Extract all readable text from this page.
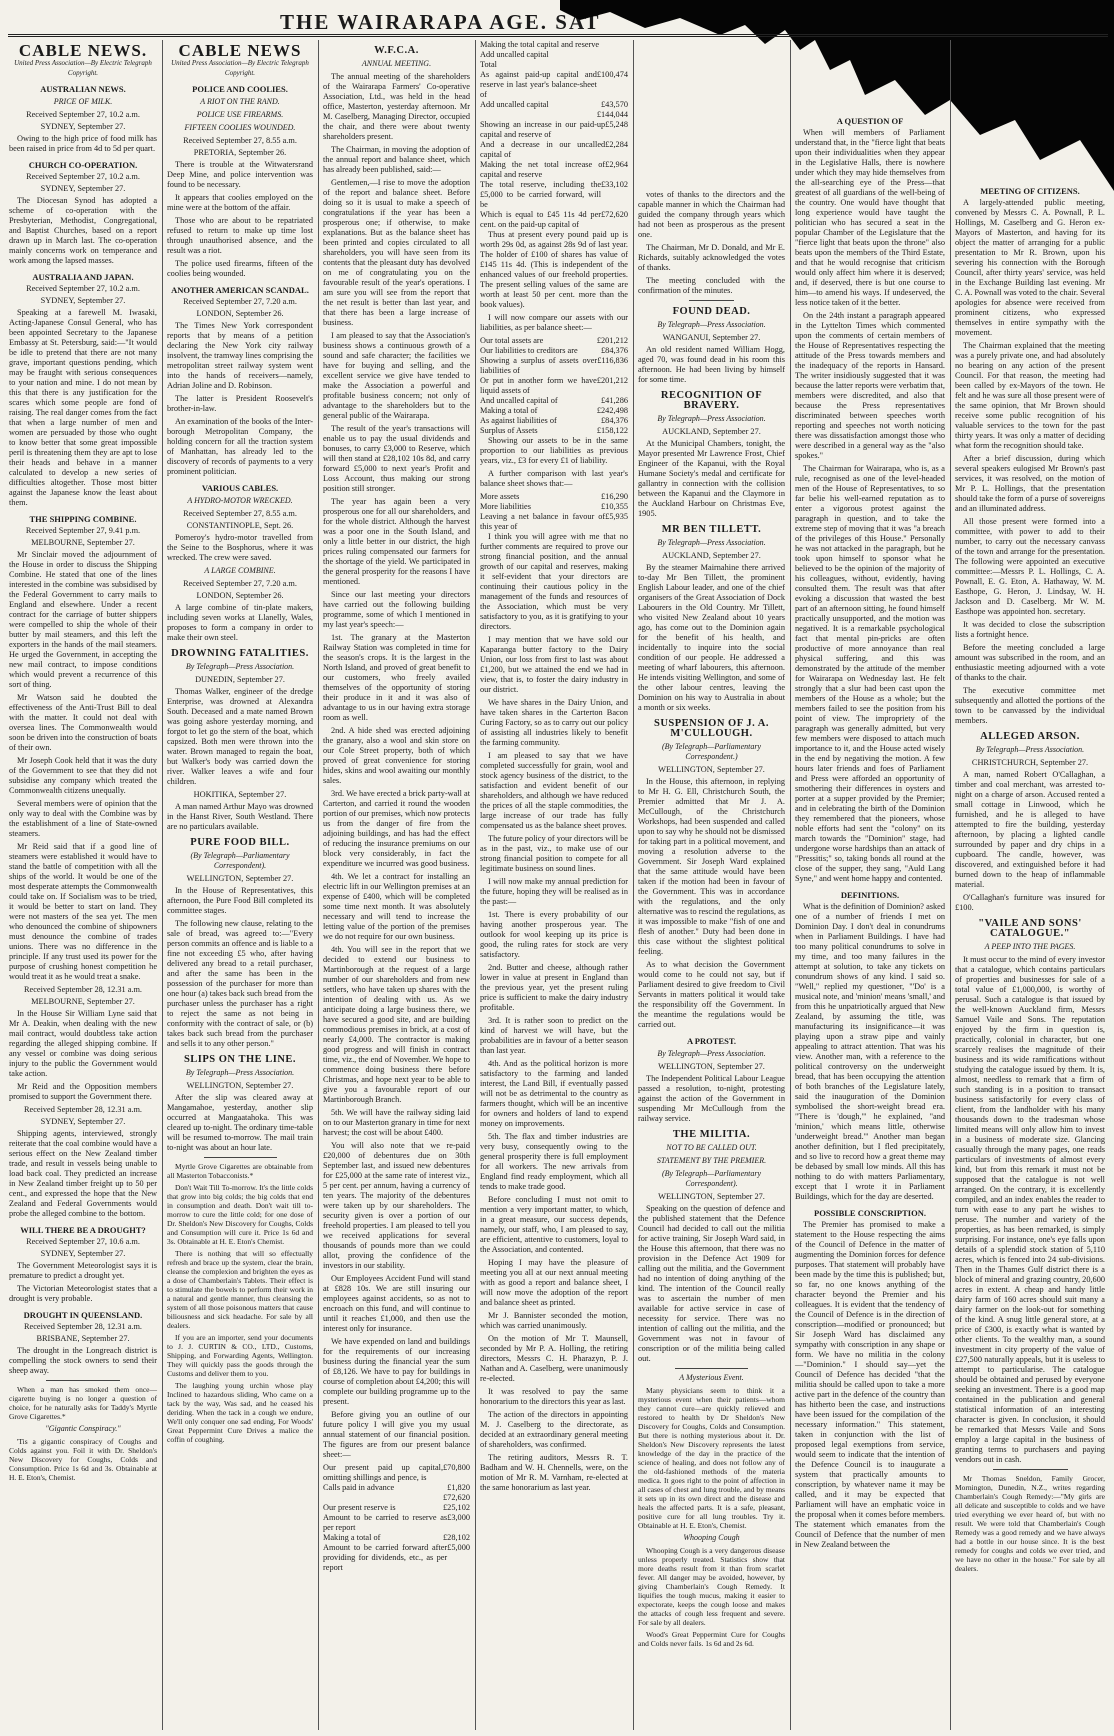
THE WAIRARAPA AGE. SAT
CABLE NEWS.
United Press Association—By Electric Telegraph Copyright.
AUSTRALIAN NEWS.
PRICE OF MILK.
Received September 27, 10.2 a.m.
SYDNEY, September 27.

Owing to the high price of food milk has been raised in price from 4d to 5d per quart.

CHURCH CO-OPERATION.
Received September 27, 10.2 a.m.
SYDNEY, September 27.

The Diocesan Synod has adopted a scheme of co-operation with the Presbyterian, Methodist, Congregational, and Baptist Churches, based on a report drawn up in March last. The co-operation mainly concerns work on temperance and work among the lapsed masses.

AUSTRALIA AND JAPAN.
Received September 27, 10.2 a.m.
SYDNEY, September 27.

Speaking at a farewell M. Iwasaki, Acting-Japanese Consul General, who has been appointed Secretary to the Japanese Embassy at St. Petersburg, said:—"It would be idle to pretend that there are not many grave, important questions pending, which may be fraught with serious consequences to your nation and mine. I do not mean by this that there is any justification for the scares which some people are fond of raising. The real danger comes from the fact that when a large number of men and women are persuaded by those who ought to know better that some great impossible peril is threatening them they are apt to lose their heads and behave in a manner calculated to develop a new series of difficulties altogether. Those most bitter against the Japanese know the least about them.

THE SHIPPING COMBINE.
Received September 27, 9.41 p.m.
MELBOURNE, September 27.

Mr Sinclair moved the adjournment of the House in order to discuss the Shipping Combine. He stated that one of the lines interested in the combine was subsidised by the Federal Government to carry mails to England and elsewhere. Under a recent contract for the carriage of butter shippers were compelled to ship the whole of their butter by mail steamers, and this left the exporters in the hands of the mail steamers. He urged the Government, in accepting the new mail contract, to impose conditions which would prevent a recurrence of this sort of thing.

Mr Watson said he doubted the effectiveness of the Anti-Trust Bill to deal with the matter. It could not deal with oversea lines. The Commonwealth would soon be driven into the construction of boats of their own.

Mr Joseph Cook held that it was the duty of the Government to see that they did not subsidise any company which treated the Commonwealth citizens unequally.

Several members were of opinion that the only way to deal with the Combine was by the establishment of a line of State-owned steamers.

Mr Reid said that if a good line of steamers were established it would have to stand the battle of competition with all the ships of the world. It would be one of the most desperate attempts the Commonwealth could take on. If Socialism was to be tried, it would be better to start on land. They were not masters of the sea yet. The men who denounced the combine of shipowners must denounce the combine of trades unions. There was no difference in the principle. If any trust used its power for the purpose of crushing honest competition he would treat it as he would treat a snake.

Received September 28, 12.31 a.m.
MELBOURNE, September 27.

In the House Sir William Lyne said that Mr A. Deakin, when dealing with the new mail contract, would doubtless take action regarding the alleged shipping combine. If any vessel or combine was doing serious injury to the public the Government would take action.

Mr Reid and the Opposition members promised to support the Government there.

Received September 28, 12.31 a.m.
SYDNEY, September 27.

Shipping agents, interviewed, strongly reiterate that the coal combine would have a serious effect on the New Zealand timber trade, and result in vessels being unable to load back coal. They predicted an increase in New Zealand timber freight up to 50 per cent., and expressed the hope that the New Zealand and Federal Governments would probe the alleged combine to the bottom.

WILL THERE BE A DROUGHT?
Received September 27, 10.6 a.m.
SYDNEY, September 27.

The Government Meteorologist says it is premature to predict a drought yet.

The Victorian Meteorologist states that a drought is very probable.

DROUGHT IN QUEENSLAND.
Received September 28, 12.31 a.m.
BRISBANE, September 27.

The drought in the Longreach district is compelling the stock owners to send their sheep away.

When a man has smoked them once—cigarette buying is no longer a question of choice, for he naturally asks for Taddy's Myrtle Grove Cigarettes.*

"Gigantic Conspiracy."

'Tis a gigantic conspiracy of Coughs and Colds against you. Foil it with Dr. Sheldon's New Discovery for Coughs, Colds and Consumption. Price 1s 6d and 3s. Obtainable at H. E. Eton's, Chemist.

CABLE NEWS
United Press Association—By Electric Telegraph Copyright.
POLICE AND COOLIES.
A RIOT ON THE RAND.
POLICE USE FIREARMS.
FIFTEEN COOLIES WOUNDED.
Received September 27, 8.55 a.m.
PRETORIA, September 26.

There is trouble at the Witwatersrand Deep Mine, and police intervention was found to be necessary.

It appears that coolies employed on the mine were at the bottom of the affair.

Those who are about to be repatriated refused to return to make up time lost through unauthorised absence, and the result was a riot.

The police used firearms, fifteen of the coolies being wounded.

ANOTHER AMERICAN SCANDAL.
Received September 27, 7.20 a.m.
LONDON, September 26.

The Times New York correspondent reports that by means of a petition declaring the New York city railway insolvent, the tramway lines comprising the metropolitan street railway system went into the hands of receivers—namely, Adrian Joline and D. Robinson.

The latter is President Roosevelt's brother-in-law.

An examination of the books of the Inter-borough Metropolitan Company, the holding concern for all the traction system of Manhattan, has already led to the discovery of records of payments to a very prominent politician.

VARIOUS CABLES.
A HYDRO-MOTOR WRECKED.
Received September 27, 8.55 a.m.
CONSTANTINOPLE, Sept. 26.

Pomeroy's hydro-motor travelled from the Seine to the Bosphorus, where it was wrecked. The crew were saved.

A LARGE COMBINE.
Received September 27, 7.20 a.m.
LONDON, September 26.

A large combine of tin-plate makers, including seven works at Llanelly, Wales, proposes to form a company in order to make their own steel.

DROWNING FATALITIES.
By Telegraph—Press Association.
DUNEDIN, September 27.

Thomas Walker, engineer of the dredge Enterprise, was drowned at Alexandra South. Deceased and a mate named Brown was going ashore yesterday morning, and forgot to let go the stern of the boat, which capsized. Both men were thrown into the water. Brown managed to regain the boat, but Walker's body was carried down the river. Walker leaves a wife and four children.

HOKITIKA, September 27.

A man named Arthur Mayo was drowned in the Hanst River, South Westland. There are no particulars available.

PURE FOOD BILL.
(By Telegraph—Parliamentary Correspondent).
WELLINGTON, September 27.

In the House of Representatives, this afternoon, the Pure Food Bill completed its committee stages.

The following new clause, relating to the sale of bread, was agreed to:—"Every person commits an offence and is liable to a fine not exceeding £5 who, after having delivered any bread to a retail purchaser, and after the same has been in the possession of the purchaser for more than one hour (a) takes back such bread from the purchaser unless the purchaser has a right to reject the same as not being in conformity with the contract of sale, or (b) takes back such bread from the purchaser and sells it to any other person."

SLIPS ON THE LINE.
By Telegraph—Press Association.
WELLINGTON, September 27.

After the slip was cleared away at Mangamahoe, yesterday, another slip occurred at Mangaatahoka. This was cleared up to-night. The ordinary time-table will be resumed to-morrow. The mail train to-night was about an hour late.

Myrtle Grove Cigarettes are obtainable from all Masterton Tobacconists.*

Don't Wait Till To-morrow. It's the little colds that grow into big colds; the big colds that end in consumption and death. Don't wait till to-morrow to cure the little cold; for one dose of Dr. Sheldon's New Discovery for Coughs, Colds and Consumption will cure it. Price 1s 6d and 3s. Obtainable at H. E. Eton's Chemist.

There is nothing that will so effectually refresh and brace up the system, clear the brain, cleanse the complexion and brighten the eyes as a dose of Chamberlain's Tablets. Their effect is to stimulate the bowels to perform their work in a natural and gentle manner, thus cleansing the system of all those poisonous matters that cause biliousness and sick headache. For sale by all dealers.

If you are an importer, send your documents to J. J. CURTIN & CO., LTD., Customs, Shipping, and Forwarding Agents, Wellington. They will quickly pass the goods through the Customs and deliver them to you.

The laughing young urchin whose play Inclined to hazardous sliding, Who came on a tack by the way, Was sad, and he ceased his deriding. When the tack in a cough we endure, We'll only conquer one sad ending, For Woods' Great Peppermint Cure Drives a malice the coffin of coughing.

W.F.C.A.
ANNUAL MEETING.

The annual meeting of the shareholders of the Wairarapa Farmers' Co-operative Association, Ltd., was held in the head office, Masterton, yesterday afternoon. Mr M. Caselberg, Managing Director, occupied the chair, and there were about twenty shareholders present.

The Chairman, in moving the adoption of the annual report and balance sheet, which has already been published, said:—

Gentlemen,—I rise to move the adoption of the report and balance sheet. Before doing so it is usual to make a speech of congratulations if the year has been a prosperous one; if otherwise, to make explanations. But as the balance sheet has been printed and copies circulated to all shareholders, you will have seen from its contents that the pleasant duty has devolved on me of congratulating you on the favourable result of the year's operations. I am sure you will see from the report that the net result is better than last year, and that there has been a large increase of business.

I am pleased to say that the Association's business shows a continuous growth of a sound and safe character; the facilities we have for buying and selling, and the excellent service we give have tended to make the Association a powerful and profitable business concern; not only of advantage to the shareholders but to the general public of the Wairarapa.

The result of the year's transactions will enable us to pay the usual dividends and bonuses, to carry £3,000 to Reserve, which will then stand at £28,102 10s 8d, and carry forward £5,000 to next year's Profit and Loss Account, thus making our strong position still stronger.

The year has again been a very prosperous one for all our shareholders, and for the whole district. Although the harvest was a poor one in the South Island, and only a little better in our district, the high prices ruling compensated our farmers for the shortage of the yield. We participated in the general prosperity for the reasons I have mentioned.

Since our last meeting your directors have carried out the following building programme, some of which I mentioned in my last year's speech:—

1st. The granary at the Masterton Railway Station was completed in time for the season's crops. It is the largest in the North Island, and proved of great benefit to our customers, who freely availed themselves of the opportunity of storing their produce in it and it was also of advantage to us in our having extra storage room as well.

2nd. A hide shed was erected adjoining the granary, also a wool and skin store on our Cole Street property, both of which proved of great convenience for storing hides, skins and wool awaiting our monthly sales.

3rd. We have erected a brick party-wall at Carterton, and carried it round the wooden portion of our premises, which now protects us from the danger of fire from the adjoining buildings, and has had the effect of reducing the insurance premiums on our block very considerably, in fact the expenditure we incurred was good business.

4th. We let a contract for installing an electric lift in our Wellington premises at an expense of £400, which will be completed some time next month. It was absolutely necessary and will tend to increase the letting value of the portion of the premises we do not require for our own business.

4th. You will see in the report that we decided to extend our business to Martinborough at the request of a large number of our shareholders and from new settlers, who have taken up shares with the intention of dealing with us. As we anticipate doing a large business there, we have secured a good site, and are building commodious premises in brick, at a cost of nearly £4,000. The contractor is making good progress and will finish in contract time, viz., the end of November. We hope to commence doing business there before Christmas, and hope next year to be able to give you a favourable report of our Martinborough Branch.

5th. We will have the railway siding laid on to our Masterton granary in time for next harvest; the cost will be about £400.

You will also note that we re-paid £20,000 of debentures due on 30th September last, and issued new debentures for £25,000 at the same rate of interest viz., 5 per cent. per annum, having a currency of ten years. The majority of the debentures were taken up by our shareholders. The security given is over a portion of our freehold properties. I am pleased to tell you we received applications for several thousands of pounds more than we could allot, proving the confidence of the investors in our stability.

Our Employees Accident Fund will stand at £828 10s. We are still insuring our employees against accidents, so as not to encroach on this fund, and will continue to until it reaches £1,000, and then use the interest only for insurance.

We have expended on land and buildings for the requirements of our increasing business during the financial year the sum of £8,126. We have to pay for buildings in course of completion about £4,200; this will complete our building programme up to the present.

Before giving you an outline of our future policy I will give you my usual annual statement of our financial position. The figures are from our present balance sheet:—

Our present paid up capital, omitting shillings and pence, is
£70,800
Calls paid in advance	£1,820
£72,620
Our present reserve is	£25,102
Amount to be carried to reserve as per report
£3,000
Making a total of	£28,102
Amount to be carried forward after providing for dividends, etc., as per report
£5,000
Making the total capital and reserve
Add uncalled capital
Total
As against paid-up capital and reserve in last year's balance-sheet of
£100,474
Add uncalled capital	£43,570
£144,044
Showing an increase in our paid-up capital and reserve of
£5,248
And a decrease in our uncalled capital of
£2,284
Making the net total increase of capital and reserve
£2,964
The total reserve, including the £5,000 to be carried forward, will be
£33,102
Which is equal to £45 11s 4d per cent. on the paid-up capital of
£72,620

Thus at present every pound paid up is worth 29s 0d, as against 28s 9d of last year. The holder of £100 of shares has value of £145 11s 4d. (This is independent of the enhanced values of our freehold properties. The present selling values of the same are worth at least 50 per cent. more than the book values).

I will now compare our assets with our liabilities, as per balance sheet:—

Our total assets are	£201,212
Our liabilities to creditors are	£84,376
Showing a surplus of assets over liabilities of
£116,836
Or put in another form we have liquid assets of
£201,212
And uncalled capital of	£41,286
Making a total of	£242,498
As against liabilities of	£84,376
Surplus of Assets	£158,122

Showing our assets to be in the same proportion to our liabilities as previous years, viz., £3 for every £1 of liability.

A further comparison with last year's balance sheet shows that:—

More assets	£16,290
More liabilities	£10,355
Leaving a net balance in favour of this year of
£5,935

I think you will agree with me that no further comments are required to prove our strong financial position, and the annual growth of our capital and reserves, making it self-evident that your directors are continuing their cautious policy in the management of the funds and resources of the Association, which must be very satisfactory to you, as it is gratifying to your directors.

I may mention that we have sold our Kaparanga butter factory to the Dairy Union, our loss from first to last was about £1,200, but we attained the end we had in view, that is, to foster the dairy industry in our district.

We have shares in the Dairy Union, and have taken shares in the Carterton Bacon Curing Factory, so as to carry out our policy of assisting all industries likely to benefit the farming community.

I am pleased to say that we have completed successfully for grain, wool and stock agency business of the district, to the satisfaction and evident benefit of our shareholders, and although we have reduced the prices of all the staple commodities, the large increase of our trade has fully compensated us as the balance sheet proves.

The future policy of your directors will be as in the past, viz., to make use of our strong financial position to compete for all legitimate business on sound lines.

I will now make my annual prediction for the future, hoping they will be realised as in the past:—

1st. There is every probability of our having another prosperous year. The outlook for wool keeping up its price is good, the ruling rates for stock are very satisfactory.

2nd. Butter and cheese, although rather lower in value at present in England than the previous year, yet the present ruling price is sufficient to make the dairy industry profitable.

3rd. It is rather soon to predict on the kind of harvest we will have, but the probabilities are in favour of a better season than last year.

4th. And as the political horizon is more satisfactory to the farming and landed interest, the Land Bill, if eventually passed will not be as detrimental to the country as farmers thought, which will be an incentive for owners and holders of land to expend money on improvements.

5th. The flax and timber industries are very busy, consequently owing to the general prosperity there is full employment for all workers. The new arrivals from England find ready employment, which all tends to make trade good.

Before concluding I must not omit to mention a very important matter, to which, in a great measure, our success depends, namely, our staff, who, I am pleased to say, are efficient, attentive to customers, loyal to the Association, and contented.

Hoping I may have the pleasure of meeting you all at our next annual meeting with as good a report and balance sheet, I will now move the adoption of the report and balance sheet as printed.

Mr J. Bannister seconded the motion, which was carried unanimously.

On the motion of Mr T. Maunsell, seconded by Mr P. A. Holling, the retiring directors, Messrs C. H. Pharazyn, P. J. Nathan and A. Caselberg, were unanimously re-elected.

It was resolved to pay the same honorarium to the directors this year as last.

The action of the directors in appointing M. J. Caselberg to the directorate, as decided at an extraordinary general meeting of shareholders, was confirmed.

The retiring auditors, Messrs R. T. Badham and W. H. Chennells, were, on the motion of Mr R. M. Varnham, re-elected at the same honorarium as last year.

votes of thanks to the directors and the capable manner in which the Chairman had guided the company through years which had not been as prosperous as the present one.

The Chairman, Mr D. Donald, and Mr E. Richards, suitably acknowledged the votes of thanks.

The meeting concluded with the confirmation of the minutes.

FOUND DEAD.
By Telegraph—Press Association.
WANGANUI, September 27.

An old resident named William Hogg, aged 70, was found dead in his room this afternoon. He had been living by himself for some time.

RECOGNITION OF BRAVERY.
By Telegraph—Press Association.
AUCKLAND, September 27.

At the Municipal Chambers, tonight, the Mayor presented Mr Lawrence Frost, Chief Engineer of the Kapanui, with the Royal Humane Society's medal and certificate for gallantry in connection with the collision between the Kapanui and the Claymore in the Auckland Harbour on Christmas Eve, 1905.

MR BEN TILLETT.
By Telegraph—Press Association.
AUCKLAND, September 27.

By the steamer Mairnahine there arrived to-day Mr Ben Tillett, the prominent English Labour leader, and one of the chief organisers of the Great Association of Dock Labourers in the Old Country. Mr Tillett, who visited New Zealand about 10 years ago, has come out to the Dominion again for the benefit of his health, and incidentally to inquire into the social condition of our people. He addressed a meeting of wharf labourers, this afternoon. He intends visiting Wellington, and some of the other labour centres, leaving the Dominion on his way to Australia in about a month or six weeks.

SUSPENSION OF J. A. M'CULLOUGH.
(By Telegraph—Parliamentary Correspondent.)
WELLINGTON, September 27.

In the House, this afternoon, in replying to Mr H. G. Ell, Christchurch South, the Premier admitted that Mr J. A. McCullough, of the Christchurch Workshops, had been suspended and called upon to say why he should not be dismissed for taking part in a political movement, and moving a resolution adverse to the Government. Sir Joseph Ward explained that the same attitude would have been taken if the motion had been in favour of the Government. This was in accordance with the regulations, and the only alternative was to rescind the regulations, as it was impossible to make "fish of one and flesh of another." Duty had been done in this case without the slightest political feeling.

As to what decision the Government would come to he could not say, but if Parliament desired to give freedom to Civil Servants in matters political it would take the responsibility off the Government. In the meantime the regulations would be carried out.

A PROTEST.
By Telegraph—Press Association.
WELLINGTON, September 27.

The Independent Political Labour League passed a resolution, to-night, protesting against the action of the Government in suspending Mr McCullough from the railway service.

THE MILITIA.
NOT TO BE CALLED OUT.
STATEMENT BY THE PREMIER.
(By Telegraph—Parliamentary Correspondent).
WELLINGTON, September 27.

Speaking on the question of defence and the published statement that the Defence Council had decided to call out the militia for active training, Sir Joseph Ward said, in the House this afternoon, that there was no provision in the Defence Act 1909 for calling out the militia, and the Government had no intention of doing anything of the kind. The intention of the Council really was to ascertain the number of men available for active service in case of necessity for service. There was no intention of calling out the militia, and the Government was not in favour of conscription or of the militia being called out.

A Mysterious Event.

Many physicians seem to think it a mysterious event when their patients—whom they cannot cure—are quickly relieved and restored to health by Dr Sheldon's New Discovery for Coughs, Colds and Consumption. But there is nothing mysterious about it. Dr. Sheldon's New Discovery represents the latest knowledge of the day in the practice of the science of healing, and does not follow any of the old-fashioned methods of the materia medica. It goes right to the point of affection in all cases of chest and lung trouble, and by means it sets up in its own direct and the disease and heals the affected parts. It is a safe, pleasant, positive cure for all lung troubles. Try it. Obtainable at H. E. Eton's, Chemist.

Whooping Cough

Whooping Cough is a very dangerous disease unless properly treated. Statistics show that more deaths result from it than from scarlet fever. All danger may be avoided, however, by giving Chamberlain's Cough Remedy. It liquifies the tough mucus, making it easier to expectorate, keeps the cough loose and makes the attacks of cough less frequent and severe. For sale by all dealers.

Wood's Great Peppermint Cure for Coughs and Colds never fails. 1s 6d and 2s 6d.

A QUESTION OF

When will members of Parliament understand that, in the "fierce light that beats upon their individualities when they appear in the Legislative Halls, there is nowhere under which they may hide themselves from the all-searching eye of the Press—that greatest of all guardians of the well-being of the country. One would have thought that long experience would have taught the politician who has secured a seat in the popular Chamber of the Legislature that the "fierce light that beats upon the throne" also beats upon the members of the Third Estate, and that he would recognise that criticism would only affect him where it is deserved; and, if deserved, there is but one course to him—to amend his ways. If undeserved, the less notice taken of it the better.

On the 24th instant a paragraph appeared in the Lyttelton Times which commented upon the comments of certain members of the House of Representatives respecting the attitude of the Press towards members and the inadequacy of the reports in Hansard. The writer insidiously suggested that it was because the latter reports were verbatim that, members were discredited, and also that because the Press representatives discriminated between speeches worth reporting and speeches not worth noticing there was dissatisfaction amongst those who were described in a general way as the "also spokes."

The Chairman for Wairarapa, who is, as a rule, recognised as one of the level-headed men of the House of Representatives, to so far belie his well-earned reputation as to enter a vigorous protest against the paragraph in question, and to take the extreme step of moving that it was "a breach of the privileges of this House." Personally he was not attacked in the paragraph, but he took upon himself to sponsor what he believed to be the opinion of the majority of his colleagues, without, evidently, having consulted them. The result was that after evoking a discussion that wasted the best part of an afternoon sitting, he found himself practically unsupported, and the motion was negatived. It is a remarkable psychological fact that mental pin-pricks are often productive of more annoyance than real physical suffering, and this was demonstrated by the attitude of the member for Wairarapa on Wednesday last. He felt strongly that a slur had been cast upon the members of the House as a whole; but the members failed to see the position from his point of view. The impropriety of the paragraph was generally admitted, but very few members were disposed to attach much importance to it, and the House acted wisely in the end by negativing the motion. A few hours later friends and foes of Parliament and Press were afforded an opportunity of smothering their differences in oysters and porter at a supper provided by the Premier; and in celebrating the birth of the Dominion they remembered that the pioneers, whose noble efforts had sent the "colony" on its march towards the "Dominion" stage, had undergone worse hardships than an attack of "Pressitis;" so, taking bonds all round at the close of the supper, they sang, "Auld Lang Syne," and went home happy and contented.

DEFINITIONS.

What is the definition of Dominion? asked one of a number of friends I met on Dominion Day. I don't deal in conundrums when in Parliament Buildings. I have had too many political conundrums to solve in my time, and too many failures in the attempt at solution, to take any tickets on conundrum shows of any kind. I said so. "Well," replied my questioner, "'Do' is a musical note, and 'minion' means 'small,' and from this he unpatriotically argued that New Zealand, by assuming the title, was manufacturing its insignificance—it was playing upon a straw pipe and vainly appealing to attract attention. That was his view. Another man, with a reference to the political controversy on the underweight bread, that has been occupying the attention of both branches of the Legislature lately, said the inauguration of the Dominion symbolised the short-weight bread era. "There is 'dough,'" he explained, "and 'minion,' which means little, otherwise 'underweight bread.'" Another man began another definition, but I fled precipitately, and so live to record how a great theme may be debased by small low minds. All this has nothing to do with matters Parliamentary, except that I wrote it in Parliament Buildings, which for the day are deserted.

POSSIBLE CONSCRIPTION.

The Premier has promised to make a statement to the House respecting the aims of the Council of Defence in the matter of augmenting the Dominion forces for defence purposes. That statement will probably have been made by the time this is published; but, so far, no one knows anything of the character beyond the Premier and his colleagues. It is evident that the tendency of the Council of Defence is in the direction of conscription—modified or pronounced; but Sir Joseph Ward has disclaimed any sympathy with conscription in any shape or form. We have no militia in the colony—"Dominion." I should say—yet the Council of Defence has decided "that the militia should be called upon to take a more active part in the defence of the country than has hitherto been the case, and instructions have been issued for the compilation of the necessary information." This statement, taken in conjunction with the list of proposed legal exemptions from service, would seem to indicate that the intention of the Defence Council is to inaugurate a system that practically amounts to conscription, by whatever name it may be called, and it may be expected that Parliament will have an emphatic voice in the proposal when it comes before members. The statement which emanates from the Council of Defence that the number of men in New Zealand between the

MEETING OF CITIZENS.

A largely-attended public meeting, convened by Messrs C. A. Pownall, P. L. Hollings, M. Caselberg and G. Heron ex-Mayors of Masterton, and having for its object the matter of arranging for a public presentation to Mr R. Brown, upon his severing his connection with the Borough Council, after thirty years' service, was held in the Exchange Building last evening. Mr C. A. Pownall was voted to the chair. Several apologies for absence were received from prominent citizens, who expressed themselves in entire sympathy with the movement.

The Chairman explained that the meeting was a purely private one, and had absolutely no bearing on any action of the present Council. For that reason, the meeting had been called by ex-Mayors of the town. He felt and he was sure all those present were of the same opinion, that Mr Brown should receive some public recognition of his valuable services to the town for the past thirty years. It was only a matter of deciding what form the recognition should take.

After a brief discussion, during which several speakers eulogised Mr Brown's past services, it was resolved, on the motion of Mr P. L. Hollings, that the presentation should take the form of a purse of sovereigns and an illuminated address.

All those present were formed into a committee, with power to add to their number, to carry out the necessary canvass of the town and arrange for the presentation. The following were appointed an executive committee:—Messrs P. L. Hollings, C. A. Pownall, E. G. Eton, A. Hathaway, W. M. Easthope, G. Heron, J. Lindsay, W. H. Jackson and D. Caselberg. Mr W. M. Easthope was appointed hon. secretary.

It was decided to close the subscription lists a fortnight hence.

Before the meeting concluded a large amount was subscribed in the room, and an enthusiastic meeting adjourned with a vote of thanks to the chair.

The executive committee met subsequently and allotted the portions of the town to be canvassed by the individual members.

ALLEGED ARSON.
By Telegraph—Press Association.
CHRISTCHURCH, September 27.

A man, named Robert O'Callaghan, a timber and coal merchant, was arrested to-night on a charge of arson. Accused rented a small cottage in Linwood, which he furnished, and he is alleged to have attempted to fire the building, yesterday afternoon, by placing a lighted candle surrounded by paper and dry chips in a cupboard. The candle, however, was discovered, and extinguished before it had burned down to the heap of inflammable material.

O'Callaghan's furniture was insured for £100.

"VAILE AND SONS' CATALOGUE."
A PEEP INTO THE PAGES.

It must occur to the mind of every investor that a catalogue, which contains particulars of properties and businesses for sale of a total value of £1,000,000, is worthy of perusal. Such a catalogue is that issued by the well-known Auckland firm, Messrs Samuel Vaile and Sons. The reputation enjoyed by the firm in question is, practically, colonial in character, but one scarcely realises the magnitude of their business and its wide ramifications without studying the catalogue issued by them. It is, almost, needless to remark that a firm of such standing is in a position to transact business satisfactorily for every class of client, from the landholder with his many thousands down to the tradesman whose limited means will only allow him to invest in a business of moderate size. Glancing casually through the many pages, one reads particulars of investments of almost every kind, but from this remark it must not be supposed that the catalogue is not well arranged. On the contrary, it is excellently compiled, and an index enables the reader to turn with ease to any part he wishes to peruse. The number and variety of the properties, as has been remarked, is simply surprising. For instance, one's eye falls upon details of a splendid stock station of 5,110 acres, which is fenced into 24 sub-divisions. Then in the Thames Gulf district there is a block of mineral and grazing country, 20,600 acres in extent. A cheap and handy little dairy farm of 160 acres should suit many a dairy farmer on the look-out for something of the kind. A snug little general store, at a price of £300, is exactly what is wanted by other clients. To the wealthy man, a sound investment in city property of the value of £27,500 naturally appeals, but it is useless to attempt to particularise. The catalogue should be obtained and perused by everyone seeking an investment. There is a good map contained in the publication and general statistical information of an interesting character is given. In conclusion, it should be remarked that Messrs Vaile and Sons employ a large capital in the business of granting terms to purchasers and paying vendors out in cash.

Mr Thomas Sneldon, Family Grocer, Mornington, Dunedin, N.Z., writes regarding Chamberlain's Cough Remedy:—"My girls are all delicate and susceptible to colds and we have tried everything we ever heard of, but with no result. We were told that Chamberlain's Cough Remedy was a good remedy and we have always had a bottle in our house since. It is the best remedy for coughs and colds we ever tried, and we have no other in the house." For sale by all dealers.
